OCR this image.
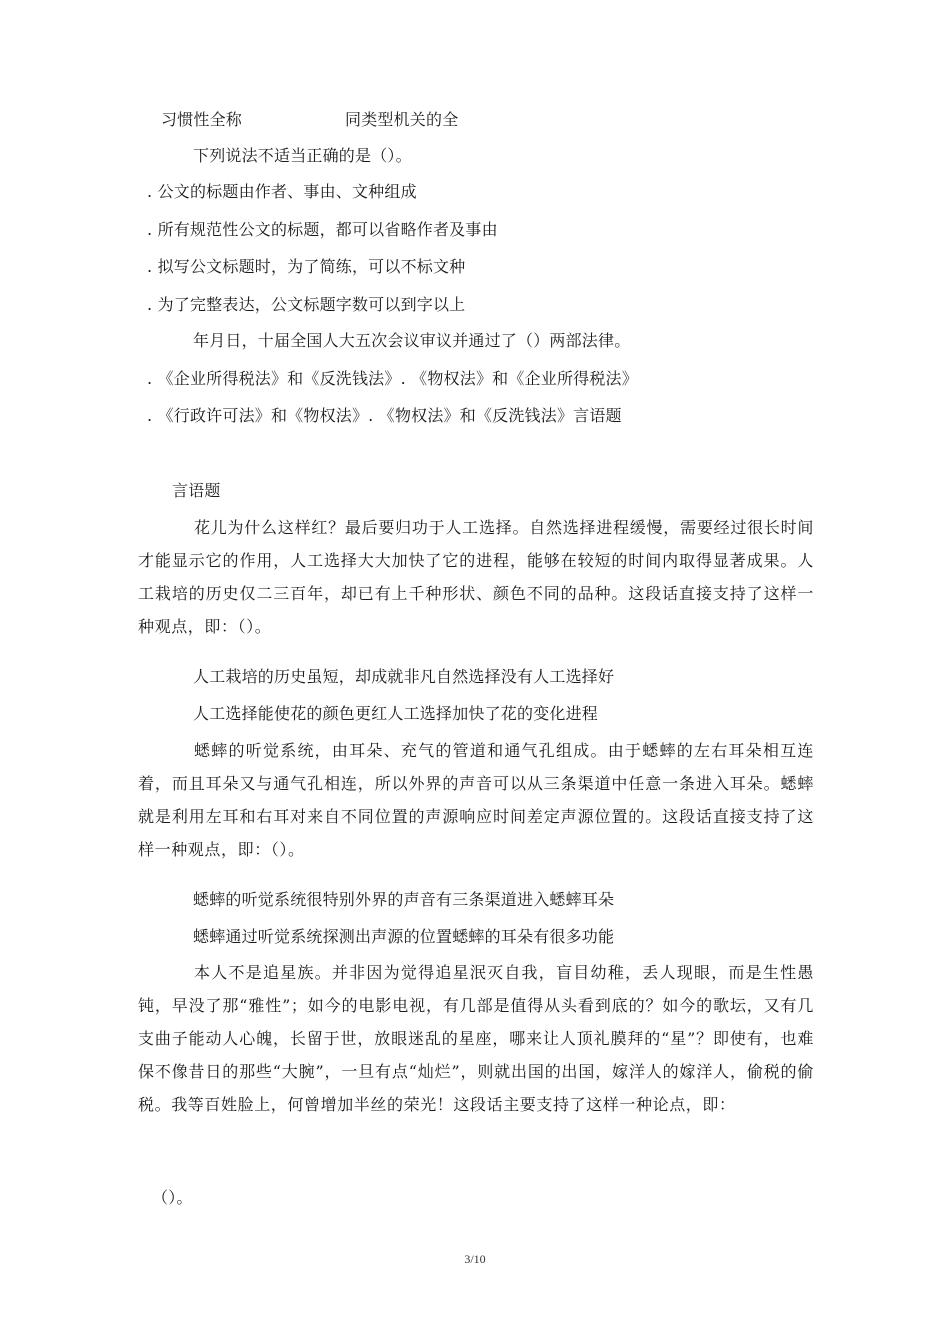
习惯性全称	同类型机关的全
下列说法不适当正确的是（）。
. 公文的标题由作者、事由、文种组成
. 所有规范性公文的标题，都可以省略作者及事由
. 拟写公文标题时，为了简练，可以不标文种
. 为了完整表达，公文标题字数可以到字以上
年月日，十届全国人大五次会议审议并通过了（）两部法律。
. 《企业所得税法》和《反洗钱法》. 《物权法》和《企业所得税法》
. 《行政许可法》和《物权法》. 《物权法》和《反洗钱法》言语题
言语题
花儿为什么这样红？最后要归功于人工选择。自然选择进程缓慢，需要经过很长时间才能显示它的作用，人工选择大大加快了它的进程，能够在较短的时间内取得显著成果。人工栽培的历史仅二三百年，却已有上千种形状、颜色不同的品种。这段话直接支持了这样一种观点，即：（）。
人工栽培的历史虽短，却成就非凡自然选择没有人工选择好
人工选择能使花的颜色更红人工选择加快了花的变化进程
蟋蟀的听觉系统，由耳朵、充气的管道和通气孔组成。由于蟋蟀的左右耳朵相互连着，而且耳朵又与通气孔相连，所以外界的声音可以从三条渠道中任意一条进入耳朵。蟋蟀就是利用左耳和右耳对来自不同位置的声源响应时间差定声源位置的。这段话直接支持了这样一种观点，即：（）。
蟋蟀的听觉系统很特别外界的声音有三条渠道进入蟋蟀耳朵
蟋蟀通过听觉系统探测出声源的位置蟋蟀的耳朵有很多功能
本人不是追星族。并非因为觉得追星泯灭自我，盲目幼稚，丢人现眼，而是生性愚钝，早没了那“雅性”；如今的电影电视，有几部是值得从头看到底的？如今的歌坛，又有几支曲子能动人心魄，长留于世，放眼迷乱的星座，哪来让人顶礼膜拜的“星”？即使有，也难保不像昔日的那些“大腕”，一旦有点“灿烂”，则就出国的出国，嫁洋人的嫁洋人，偷税的偷税。我等百姓脸上，何曾增加半丝的荣光！这段话主要支持了这样一种论点，即：
（）。
3/10
